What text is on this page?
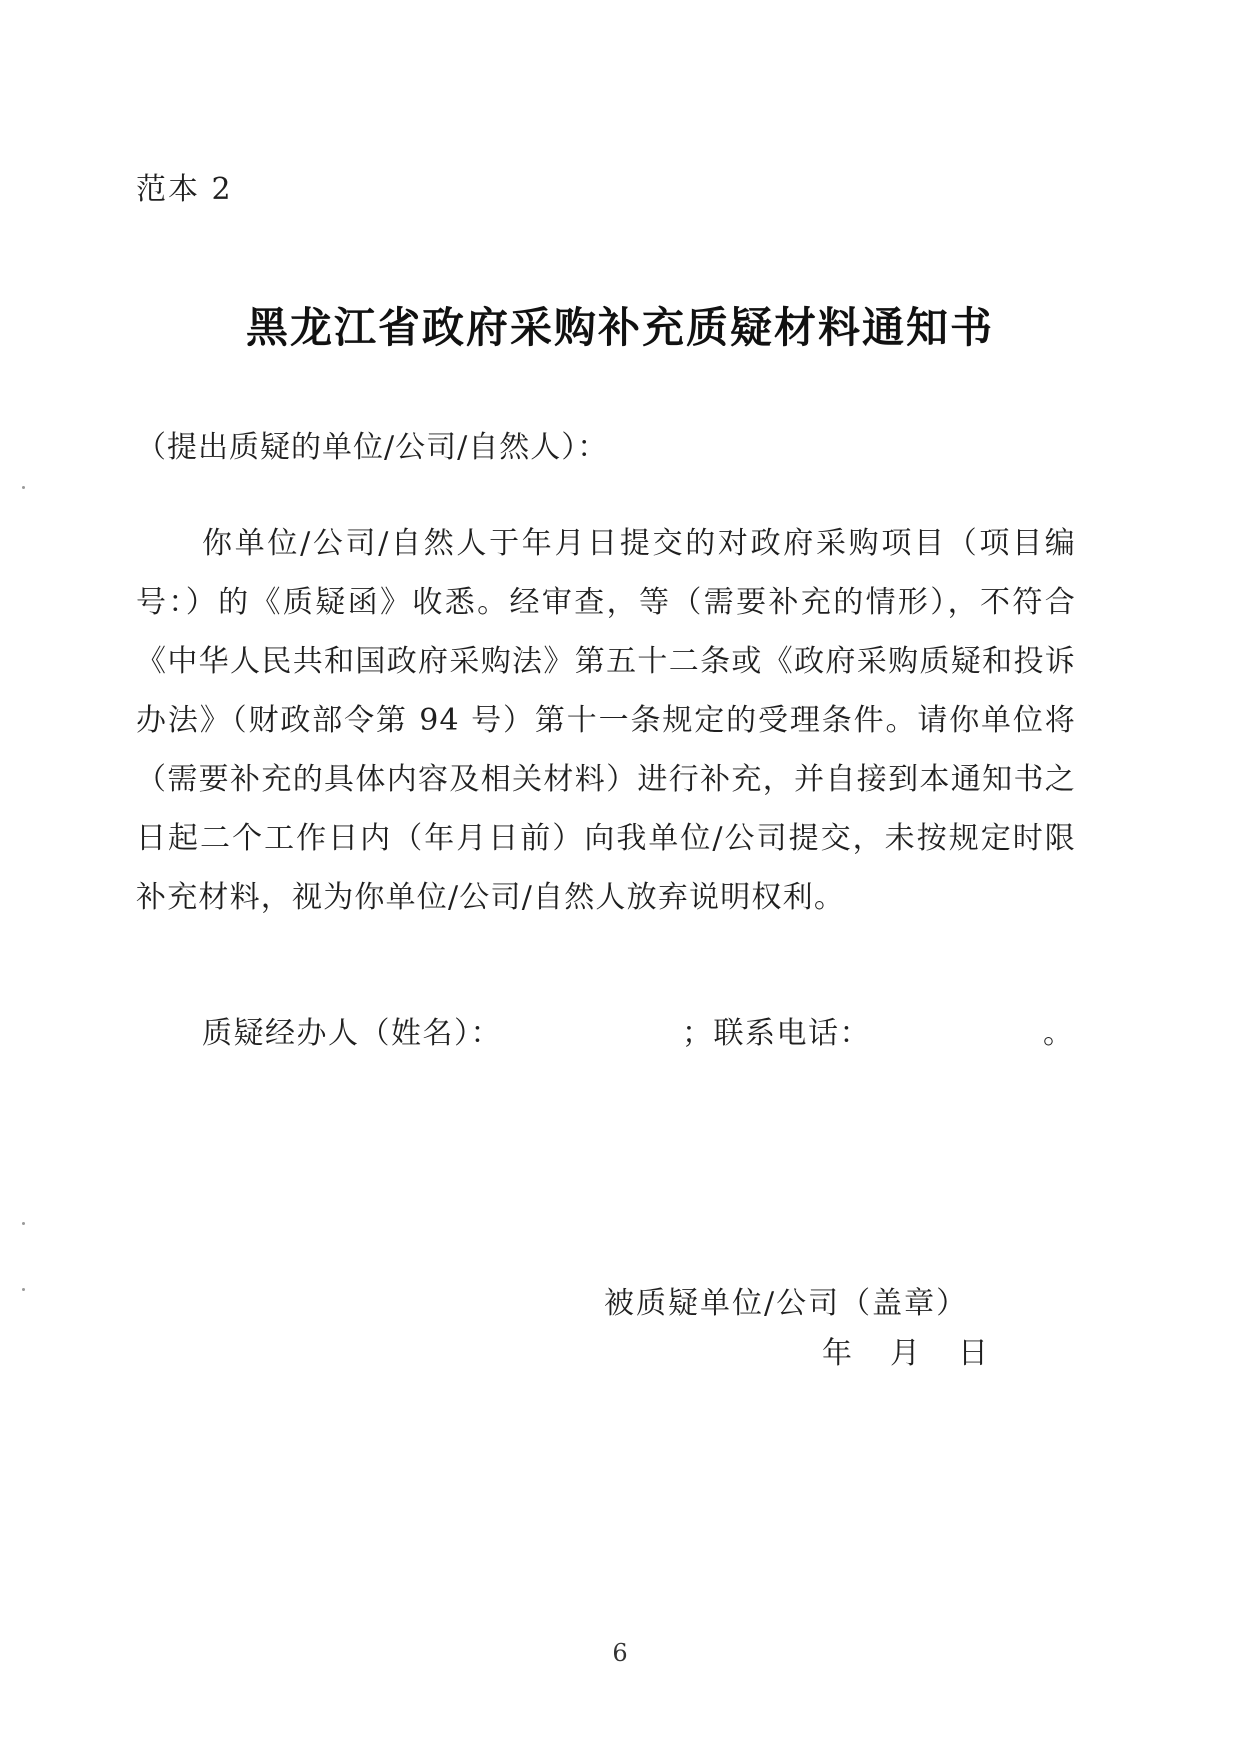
范本 2
黑龙江省政府采购补充质疑材料通知书
（提出质疑的单位/公司/自然人）：
你单位/公司/自然人于年月日提交的对政府采购项目（项目编号：）的《质疑函》收悉。经审查，等（需要补充的情形），不符合《中华人民共和国政府采购法》第五十二条或《政府采购质疑和投诉办法》（财政部令第 94 号）第十一条规定的受理条件。请你单位将（需要补充的具体内容及相关材料）进行补充，并自接到本通知书之日起二个工作日内（年月日前）向我单位/公司提交，未按规定时限补充材料，视为你单位/公司/自然人放弃说明权利。
质疑经办人（姓名）：	；联系电话：	。
被质疑单位/公司（盖章）
年 月 日
6
